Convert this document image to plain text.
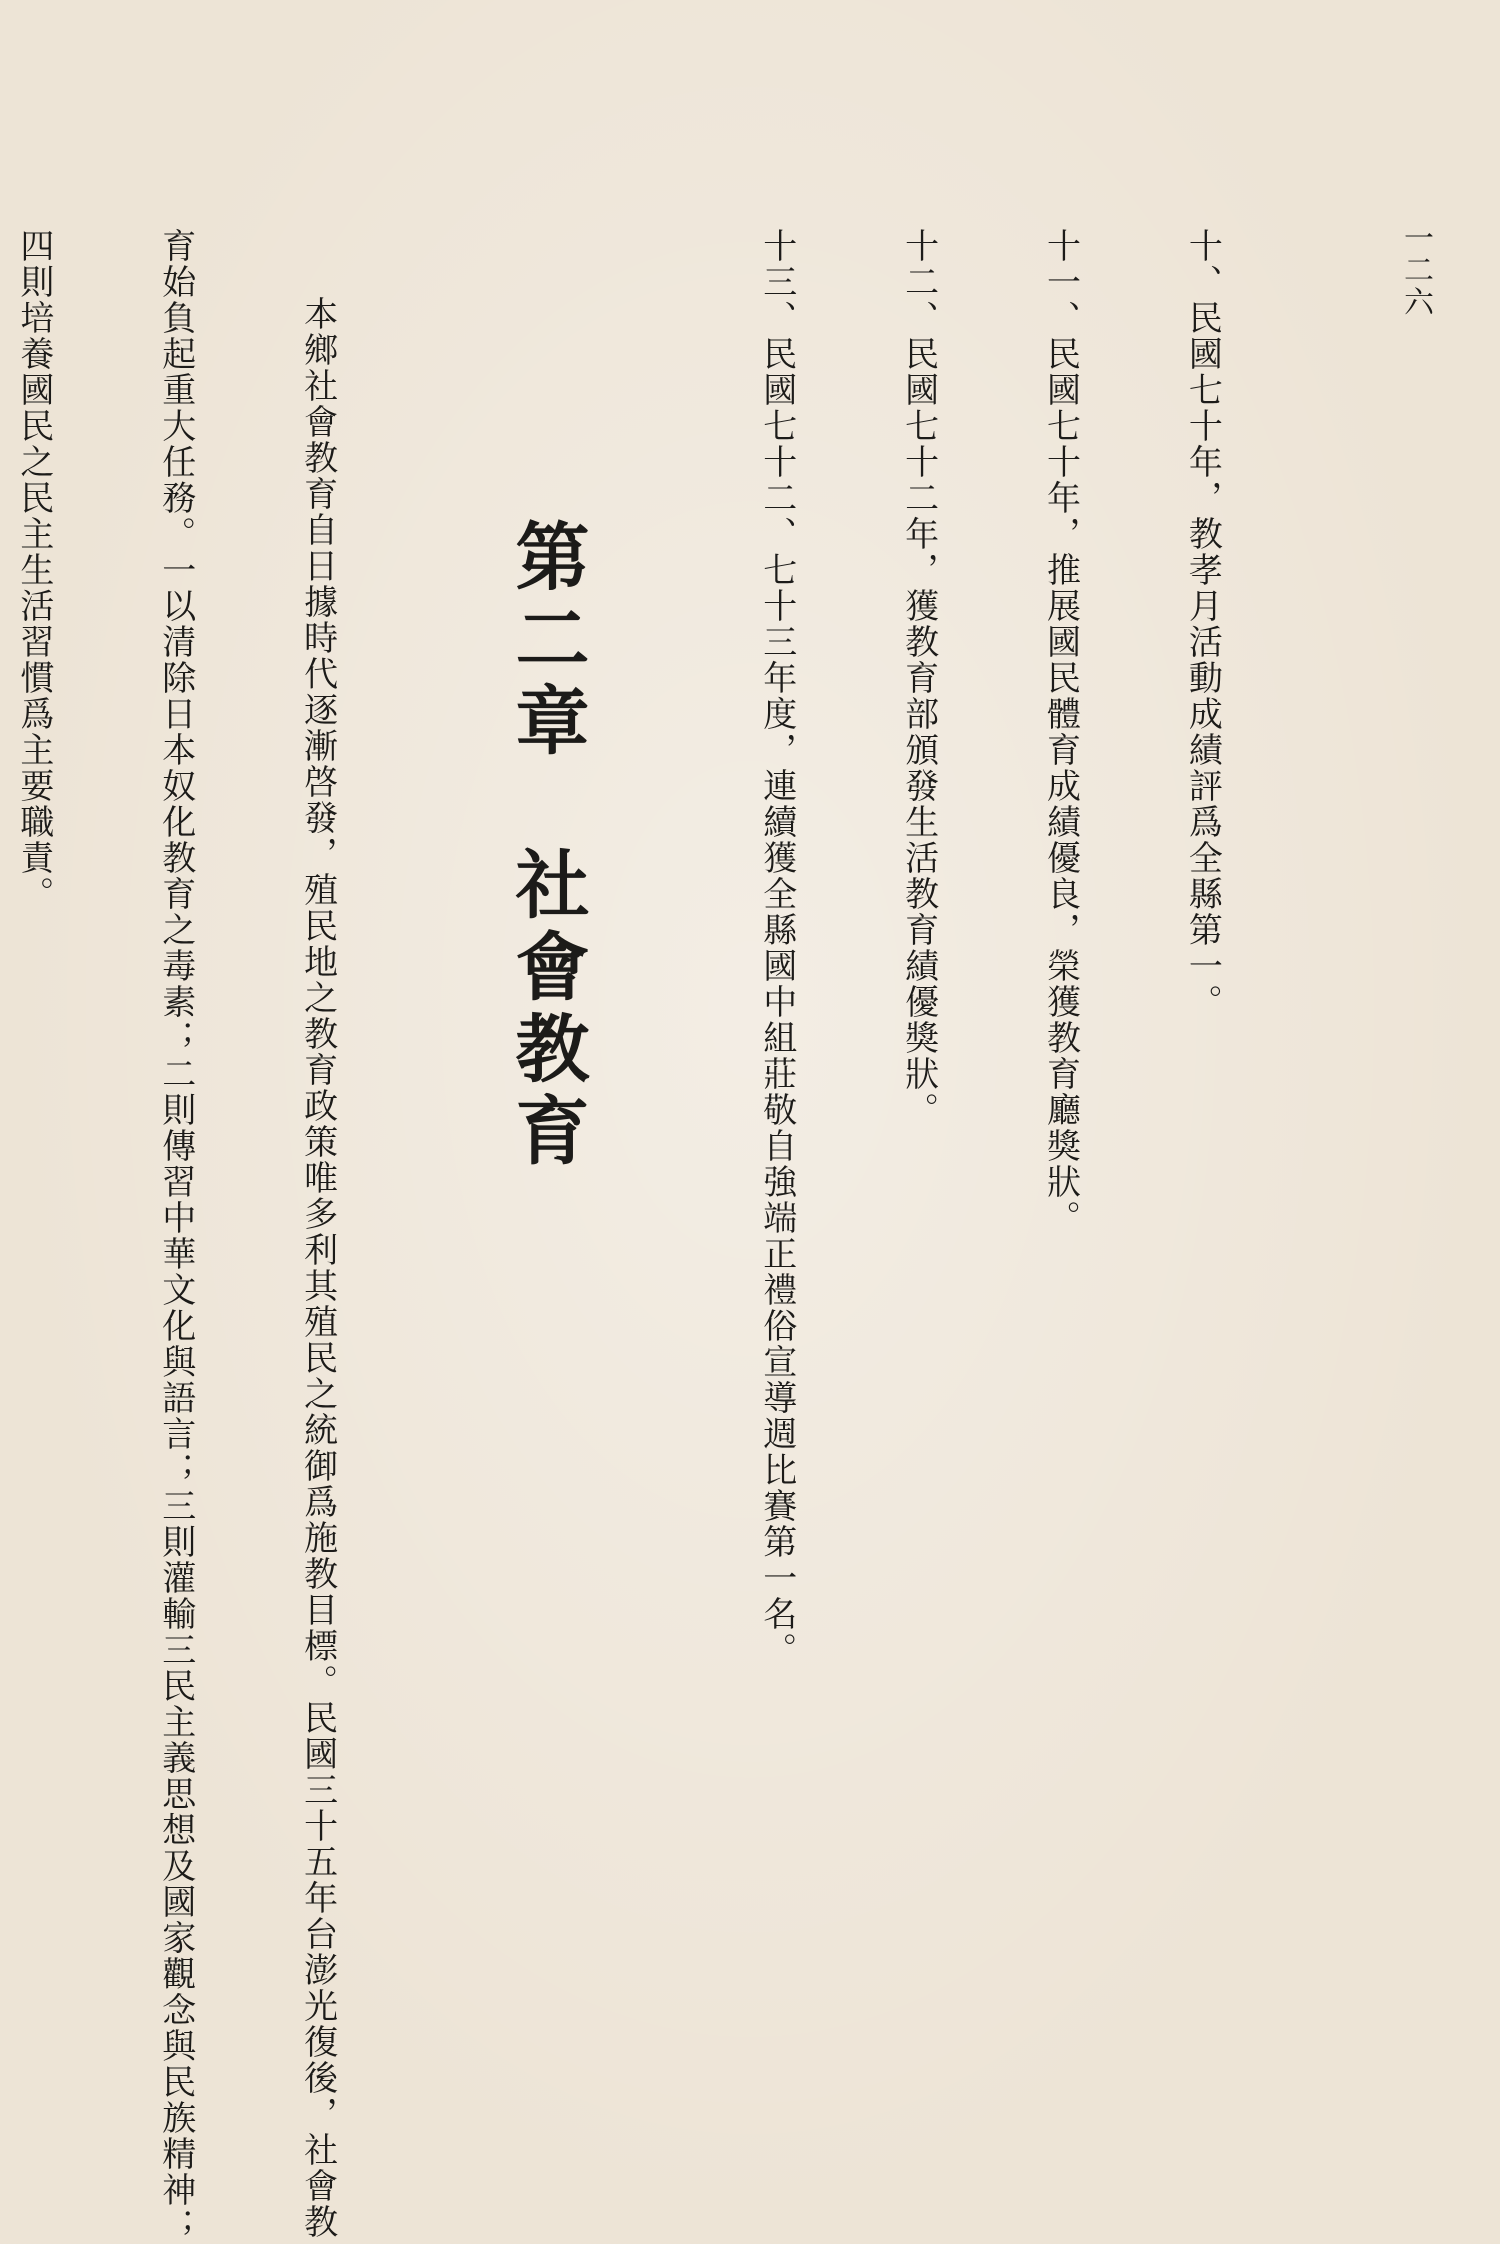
一二六

十、民國七十年，教孝月活動成績評爲全縣第一。

十一、民國七十年，推展國民體育成績優良，榮獲教育廳獎狀。

十二、民國七十二年，獲教育部頒發生活教育績優獎狀。

十三、民國七十二、七十三年度，連續獲全縣國中組莊敬自強端正禮俗宣導週比賽第一名。

第二章　社會教育

本鄉社會教育自日據時代逐漸啓發，殖民地之教育政策唯多利其殖民之統御爲施教目標。民國三十五年台澎光復後，社會教

育始負起重大任務。一以清除日本奴化教育之毒素；二則傳習中華文化與語言；三則灌輸三民主義思想及國家觀念與民族精神；

四則培養國民之民主生活習慣爲主要職責。
